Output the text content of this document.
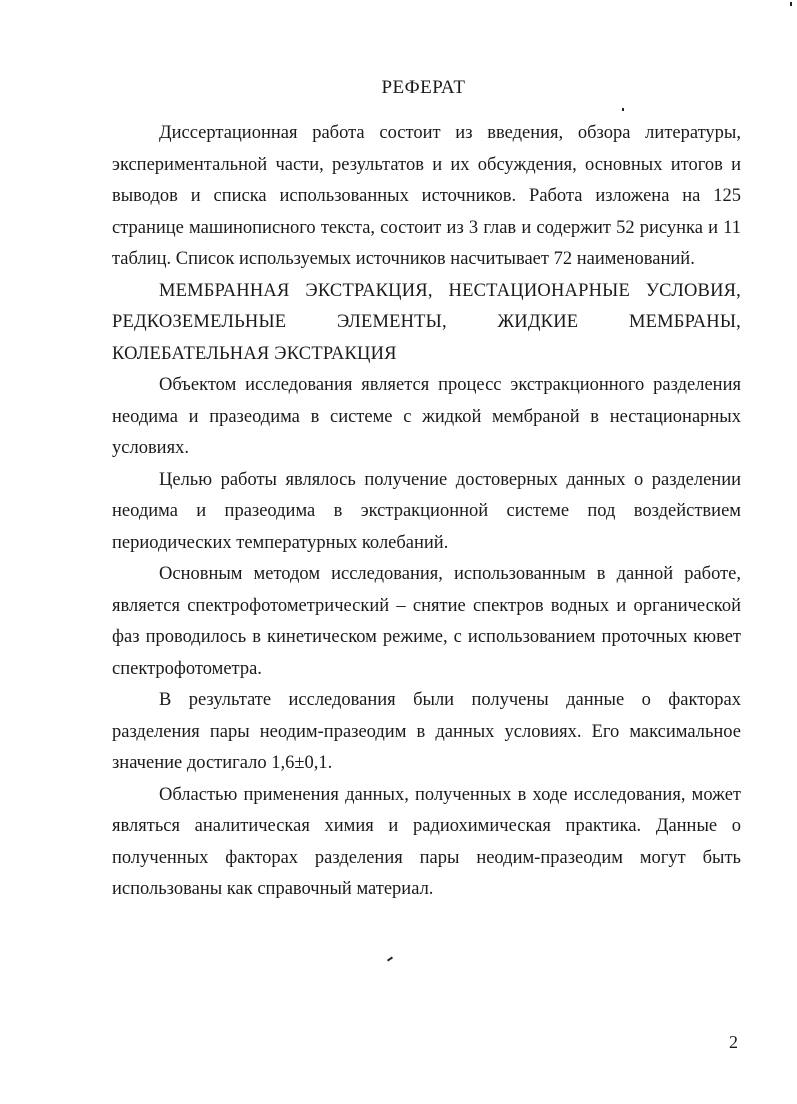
РЕФЕРАТ

Диссертационная работа состоит из введения, обзора литературы, экспериментальной части, результатов и их обсуждения, основных итогов и выводов и списка использованных источников. Работа изложена на 125 странице машинописного текста, состоит из 3 глав и содержит 52 рисунка и 11 таблиц. Список используемых источников насчитывает 72 наименований.

МЕМБРАННАЯ ЭКСТРАКЦИЯ, НЕСТАЦИОНАРНЫЕ УСЛОВИЯ, РЕДКОЗЕМЕЛЬНЫЕ ЭЛЕМЕНТЫ, ЖИДКИЕ МЕМБРАНЫ, КОЛЕБАТЕЛЬНАЯ ЭКСТРАКЦИЯ

Объектом исследования является процесс экстракционного разделения неодима и празеодима в системе с жидкой мембраной в нестационарных условиях.

Целью работы являлось получение достоверных данных о разделении неодима и празеодима в экстракционной системе под воздействием периодических температурных колебаний.

Основным методом исследования, использованным в данной работе, является спектрофотометрический – снятие спектров водных и органической фаз проводилось в кинетическом режиме, с использованием проточных кювет спектрофотометра.

В результате исследования были получены данные о факторах разделения пары неодим-празеодим в данных условиях. Его максимальное значение достигало 1,6±0,1.

Областью применения данных, полученных в ходе исследования, может являться аналитическая химия и радиохимическая практика. Данные о полученных факторах разделения пары неодим-празеодим могут быть использованы как справочный материал.

2
